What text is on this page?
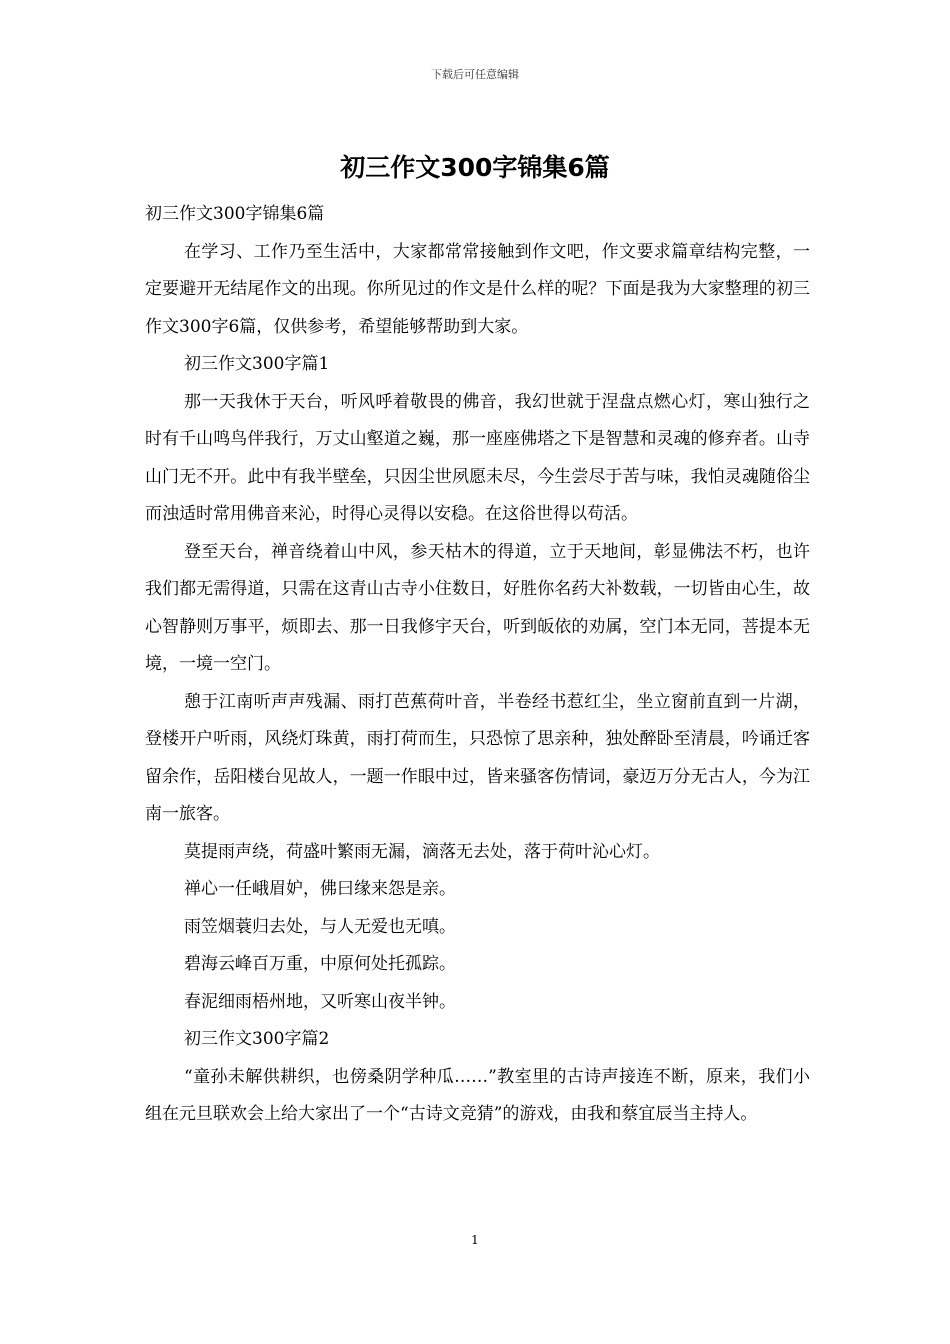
下载后可任意编辑
初三作文300字锦集6篇

初三作文300字锦集6篇

在学习、工作乃至生活中，大家都常常接触到作文吧，作文要求篇章结构完整，一定要避开无结尾作文的出现。你所见过的作文是什么样的呢？下面是我为大家整理的初三作文300字6篇，仅供参考，希望能够帮助到大家。

初三作文300字篇1

那一天我休于天台，听风呼着敬畏的佛音，我幻世就于涅盘点燃心灯，寒山独行之时有千山鸣鸟伴我行，万丈山壑道之巍，那一座座佛塔之下是智慧和灵魂的修弃者。山寺山门无不开。此中有我半壁垒，只因尘世夙愿未尽，今生尝尽于苦与味，我怕灵魂随俗尘而浊适时常用佛音来沁，时得心灵得以安稳。在这俗世得以苟活。

登至天台，禅音绕着山中风，参天枯木的得道，立于天地间，彰显佛法不朽，也许我们都无需得道，只需在这青山古寺小住数日，好胜你名药大补数载，一切皆由心生，故心智静则万事平，烦即去、那一日我修宇天台，听到皈依的劝属，空门本无同，菩提本无境，一境一空门。

憩于江南听声声残漏、雨打芭蕉荷叶音，半卷经书惹红尘，坐立窗前直到一片湖，登楼开户听雨，风绕灯珠黄，雨打荷而生，只恐惊了思亲种，独处醉卧至清晨，吟诵迁客留余作，岳阳楼台见故人，一题一作眼中过，皆来骚客伤情词，豪迈万分无古人，今为江南一旅客。

莫提雨声绕，荷盛叶繁雨无漏，滴落无去处，落于荷叶沁心灯。

禅心一任峨眉妒，佛曰缘来怨是亲。

雨笠烟蓑归去处，与人无爱也无嗔。

碧海云峰百万重，中原何处托孤踪。

春泥细雨梧州地，又听寒山夜半钟。

初三作文300字篇2

“童孙未解供耕织，也傍桑阴学种瓜……”教室里的古诗声接连不断，原来，我们小组在元旦联欢会上给大家出了一个“古诗文竞猜”的游戏，由我和蔡宜辰当主持人。

1
